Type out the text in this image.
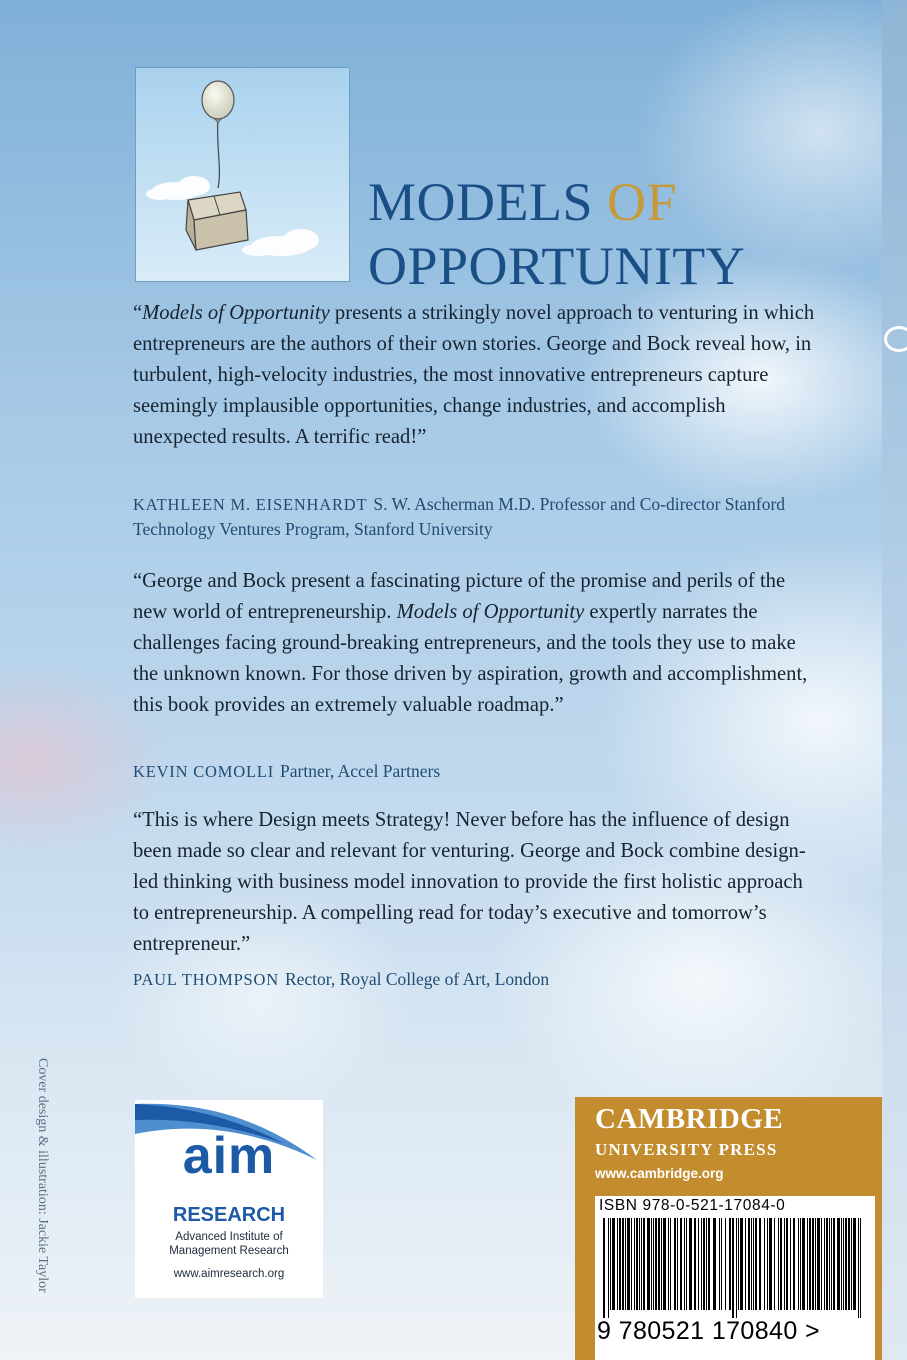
MODELS OF
OPPORTUNITY

“Models of Opportunity presents a strikingly novel approach to venturing in which entrepreneurs are the authors of their own stories. George and Bock reveal how, in turbulent, high-velocity industries, the most innovative entrepreneurs capture seemingly implausible opportunities, change industries, and accomplish unexpected results. A terrific read!”

KATHLEEN M. EISENHARDT S. W. Ascherman M.D. Professor and Co-director Stanford Technology Ventures Program, Stanford University

“George and Bock present a fascinating picture of the promise and perils of the new world of entrepreneurship. Models of Opportunity expertly narrates the challenges facing ground-breaking entrepreneurs, and the tools they use to make the unknown known. For those driven by aspiration, growth and accomplishment, this book provides an extremely valuable roadmap.”

KEVIN COMOLLI Partner, Accel Partners

“This is where Design meets Strategy! Never before has the influence of design been made so clear and relevant for venturing. George and Bock combine design-led thinking with business model innovation to provide the first holistic approach to entrepreneurship. A compelling read for today’s executive and tomorrow’s entrepreneur.”

PAUL THOMPSON Rector, Royal College of Art, London

Cover design & illustration: Jackie Taylor	aim
RESEARCH
Advanced Institute of
Management Research
www.aimresearch.org
CAMBRIDGE
UNIVERSITY PRESS
www.cambridge.org
ISBN 978-0-521-17084-0
9 780521 170840 >
